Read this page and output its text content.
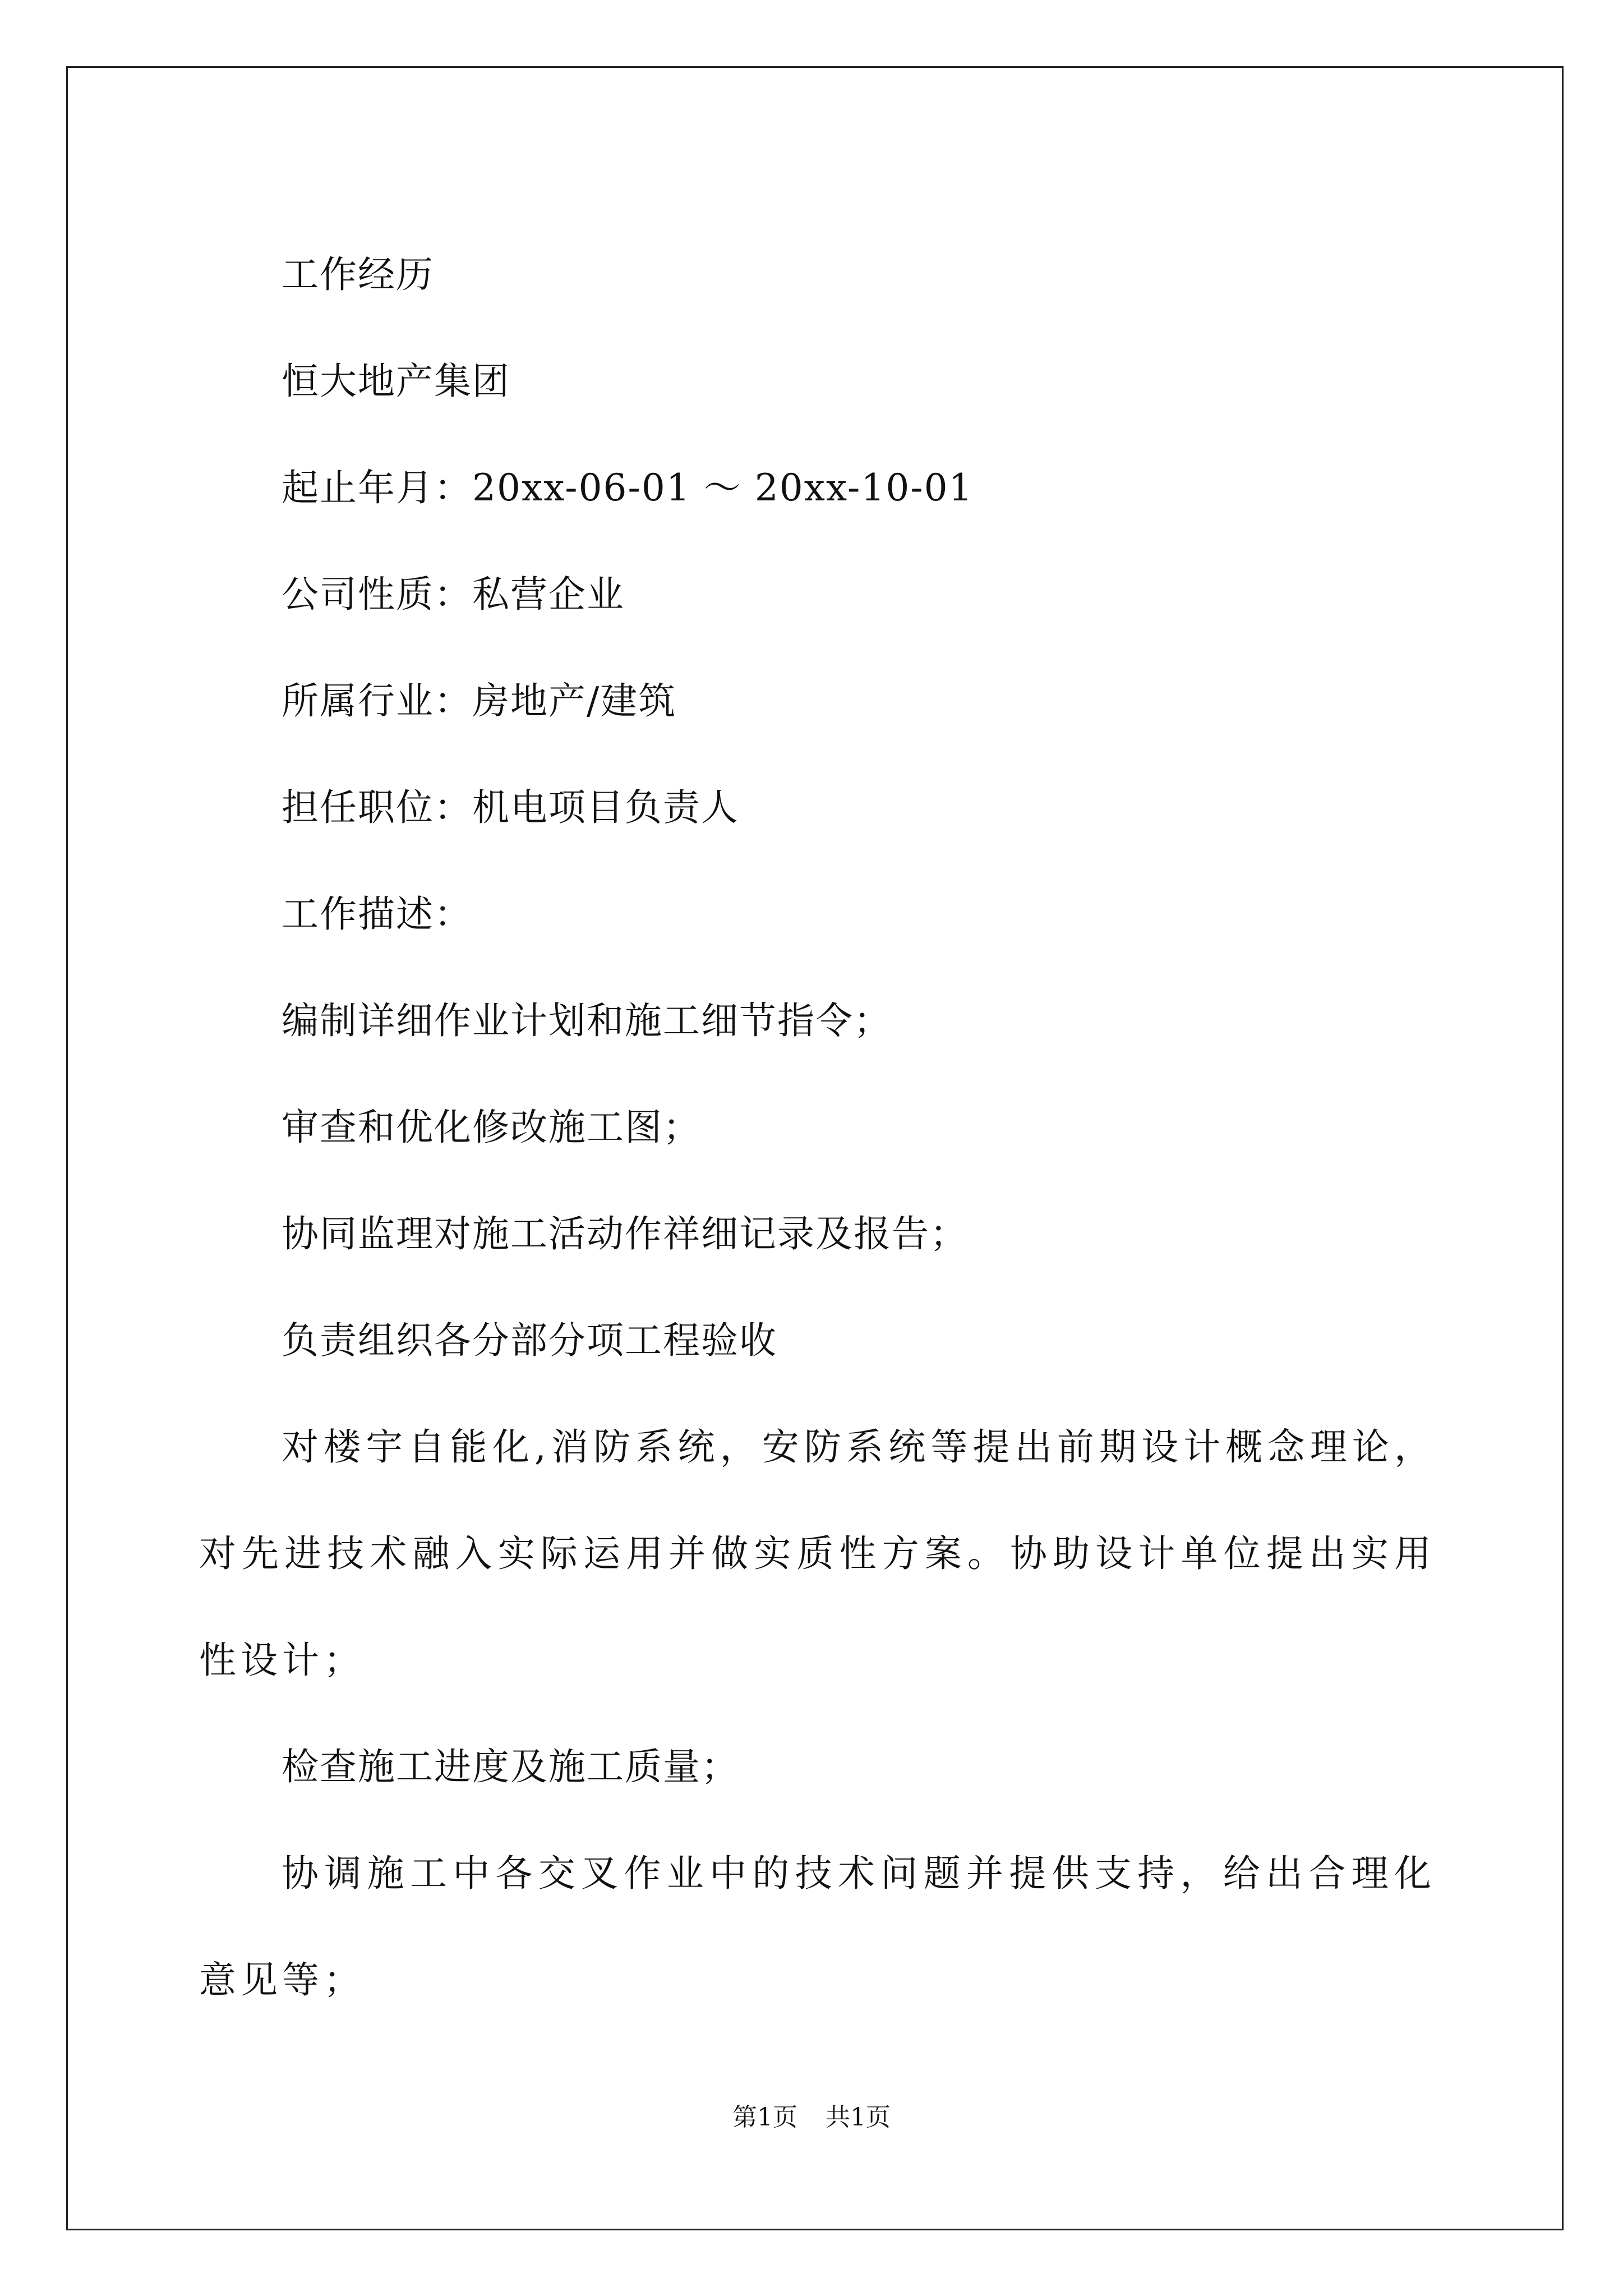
工作经历
恒大地产集团
起止年月：20xx-06-01 ～ 20xx-10-01
公司性质：私营企业
所属行业：房地产/建筑
担任职位：机电项目负责人
工作描述：
编制详细作业计划和施工细节指令；
审查和优化修改施工图；
协同监理对施工活动作祥细记录及报告；
负责组织各分部分项工程验收
对楼宇自能化,消防系统，安防系统等提出前期设计概念理论，对先进技术融入实际运用并做实质性方案。协助设计单位提出实用性设计；
检查施工进度及施工质量；
协调施工中各交叉作业中的技术问题并提供支持，给出合理化意见等；
第1页 共1页
